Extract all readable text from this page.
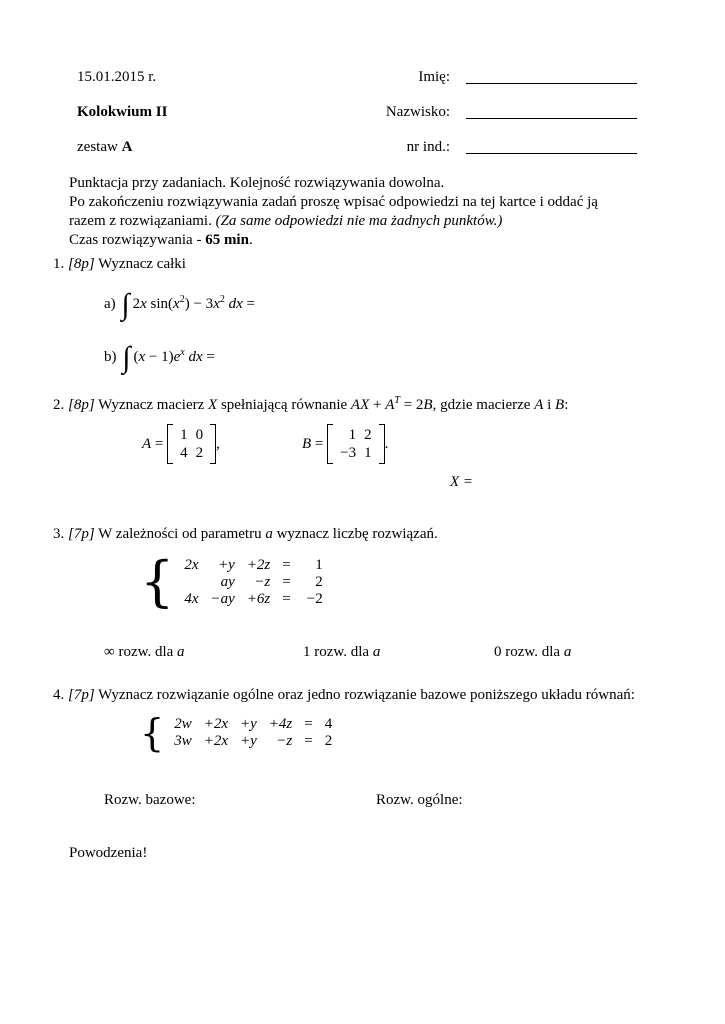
15.01.2015 r.
Kolokwium II
zestaw A
Imię:
Nazwisko:
nr ind.:
Punktacja przy zadaniach. Kolejność rozwiązywania dowolna.
Po zakończeniu rozwiązywania zadań proszę wpisać odpowiedzi na tej kartce i oddać ją
razem z rozwiązaniami. (Za same odpowiedzi nie ma żadnych punktów.)
Czas rozwiązywania - 65 min.
1. [8p] Wyznacz całki
a) ∫ 2x $\sin(x^2) - 3x^2$ dx =
b) ∫ $(x - 1)e^x$ dx =
2. [8p] Wyznacz macierz X spełniającą równanie AX + $A^T = 2B$, gdzie macierze A i B:
A =
1	0
4	2
,	B =
1	2
−3	1
.
X =
3. [7p] W zależności od parametru a wyznacz liczbę rozwiązań.
{ 2x	+y	+2z	=	1
	ay	−z	=	2
4x	−ay	+6z	=	−2
∞ rozw. dla a	1 rozw. dla a	0 rozw. dla a
4. [7p] Wyznacz rozwiązanie ogólne oraz jedno rozwiązanie bazowe poniższego układu równań:
{ 2w	+2x	+y	+4z	=	4
3w	+2x	+y	−z	=	2
Rozw. bazowe:	Rozw. ogólne:
Powodzenia!
